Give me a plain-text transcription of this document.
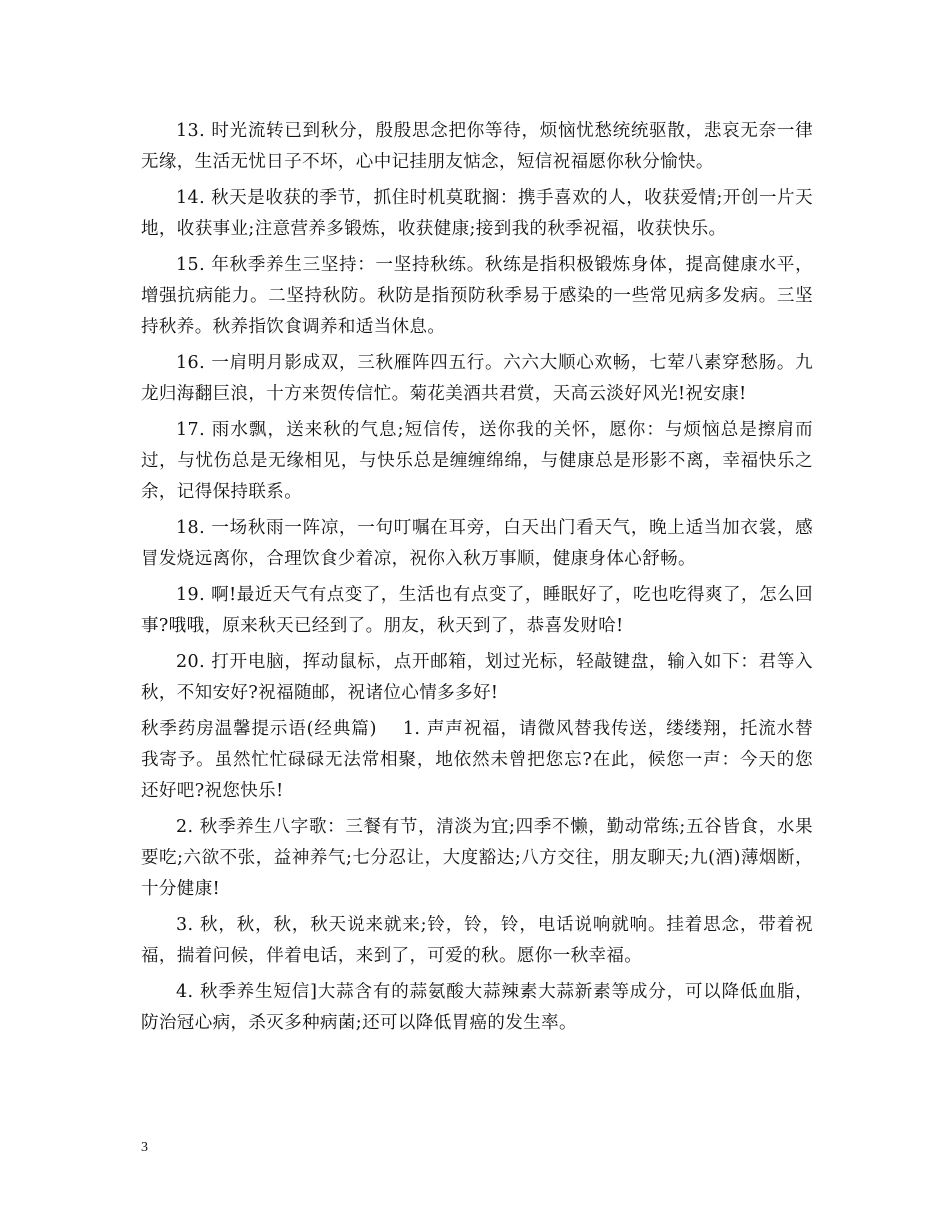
13. 时光流转已到秋分，殷殷思念把你等待，烦恼忧愁统统驱散，悲哀无奈一律无缘，生活无忧日子不坏，心中记挂朋友惦念，短信祝福愿你秋分愉快。

14. 秋天是收获的季节，抓住时机莫耽搁：携手喜欢的人，收获爱情;开创一片天地，收获事业;注意营养多锻炼，收获健康;接到我的秋季祝福，收获快乐。

15. 年秋季养生三坚持：一坚持秋练。秋练是指积极锻炼身体，提高健康水平，增强抗病能力。二坚持秋防。秋防是指预防秋季易于感染的一些常见病多发病。三坚持秋养。秋养指饮食调养和适当休息。

16. 一肩明月影成双，三秋雁阵四五行。六六大顺心欢畅，七荤八素穿愁肠。九龙归海翻巨浪，十方来贺传信忙。菊花美酒共君赏，天高云淡好风光!祝安康!

17. 雨水飘，送来秋的气息;短信传，送你我的关怀，愿你：与烦恼总是擦肩而过，与忧伤总是无缘相见，与快乐总是缠缠绵绵，与健康总是形影不离，幸福快乐之余，记得保持联系。

18. 一场秋雨一阵凉，一句叮嘱在耳旁，白天出门看天气，晚上适当加衣裳，感冒发烧远离你，合理饮食少着凉，祝你入秋万事顺，健康身体心舒畅。

19. 啊!最近天气有点变了，生活也有点变了，睡眠好了，吃也吃得爽了，怎么回事?哦哦，原来秋天已经到了。朋友，秋天到了，恭喜发财哈!

20. 打开电脑，挥动鼠标，点开邮箱，划过光标，轻敲键盘，输入如下：君等入秋，不知安好?祝福随邮，祝诸位心情多多好!

秋季药房温馨提示语(经典篇) 1. 声声祝福，请微风替我传送，缕缕翔，托流水替我寄予。虽然忙忙碌碌无法常相聚，地依然未曾把您忘?在此，候您一声：今天的您还好吧?祝您快乐!

2. 秋季养生八字歌：三餐有节，清淡为宜;四季不懒，勤动常练;五谷皆食，水果要吃;六欲不张，益神养气;七分忍让，大度豁达;八方交往，朋友聊天;九(酒)薄烟断，十分健康!

3. 秋，秋，秋，秋天说来就来;铃，铃，铃，电话说响就响。挂着思念，带着祝福，揣着问候，伴着电话，来到了，可爱的秋。愿你一秋幸福。

4. 秋季养生短信]大蒜含有的蒜氨酸大蒜辣素大蒜新素等成分，可以降低血脂，防治冠心病，杀灭多种病菌;还可以降低胃癌的发生率。

3
